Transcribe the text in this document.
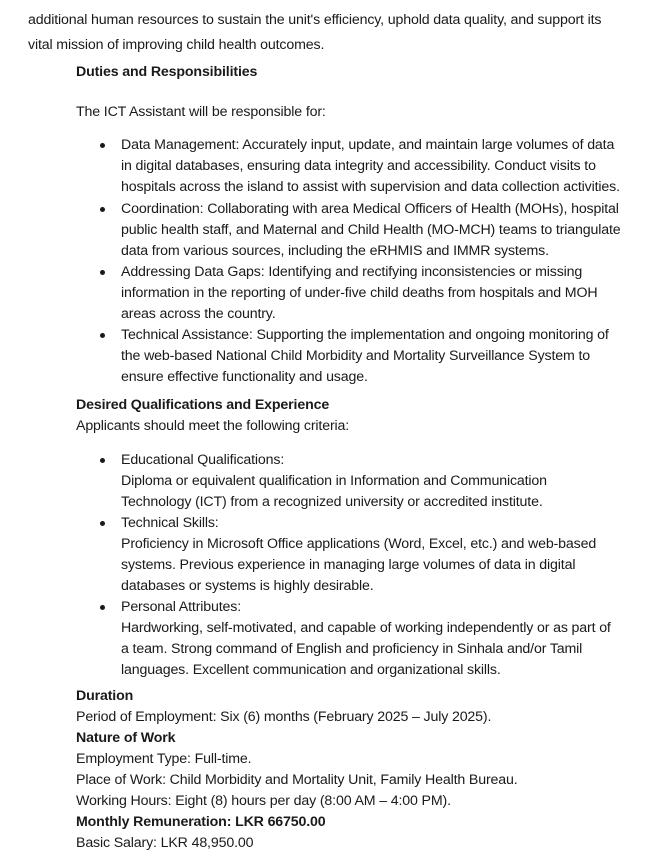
additional human resources to sustain the unit's efficiency, uphold data quality, and support its
vital mission of improving child health outcomes.
Duties and Responsibilities
The ICT Assistant will be responsible for:
Data Management: Accurately input, update, and maintain large volumes of data
in digital databases, ensuring data integrity and accessibility. Conduct visits to
hospitals across the island to assist with supervision and data collection activities.
Coordination: Collaborating with area Medical Officers of Health (MOHs), hospital
public health staff, and Maternal and Child Health (MO-MCH) teams to triangulate
data from various sources, including the eRHMIS and IMMR systems.
Addressing Data Gaps: Identifying and rectifying inconsistencies or missing
information in the reporting of under-five child deaths from hospitals and MOH
areas across the country.
Technical Assistance: Supporting the implementation and ongoing monitoring of
the web-based National Child Morbidity and Mortality Surveillance System to
ensure effective functionality and usage.
Desired Qualifications and Experience
Applicants should meet the following criteria:
Educational Qualifications:
Diploma or equivalent qualification in Information and Communication
Technology (ICT) from a recognized university or accredited institute.
Technical Skills:
Proficiency in Microsoft Office applications (Word, Excel, etc.) and web-based
systems. Previous experience in managing large volumes of data in digital
databases or systems is highly desirable.
Personal Attributes:
Hardworking, self-motivated, and capable of working independently or as part of
a team. Strong command of English and proficiency in Sinhala and/or Tamil
languages. Excellent communication and organizational skills.
Duration
Period of Employment: Six (6) months (February 2025 – July 2025).
Nature of Work
Employment Type: Full-time.
Place of Work: Child Morbidity and Mortality Unit, Family Health Bureau.
Working Hours: Eight (8) hours per day (8:00 AM – 4:00 PM).
Monthly Remuneration: LKR 66750.00
Basic Salary: LKR 48,950.00
